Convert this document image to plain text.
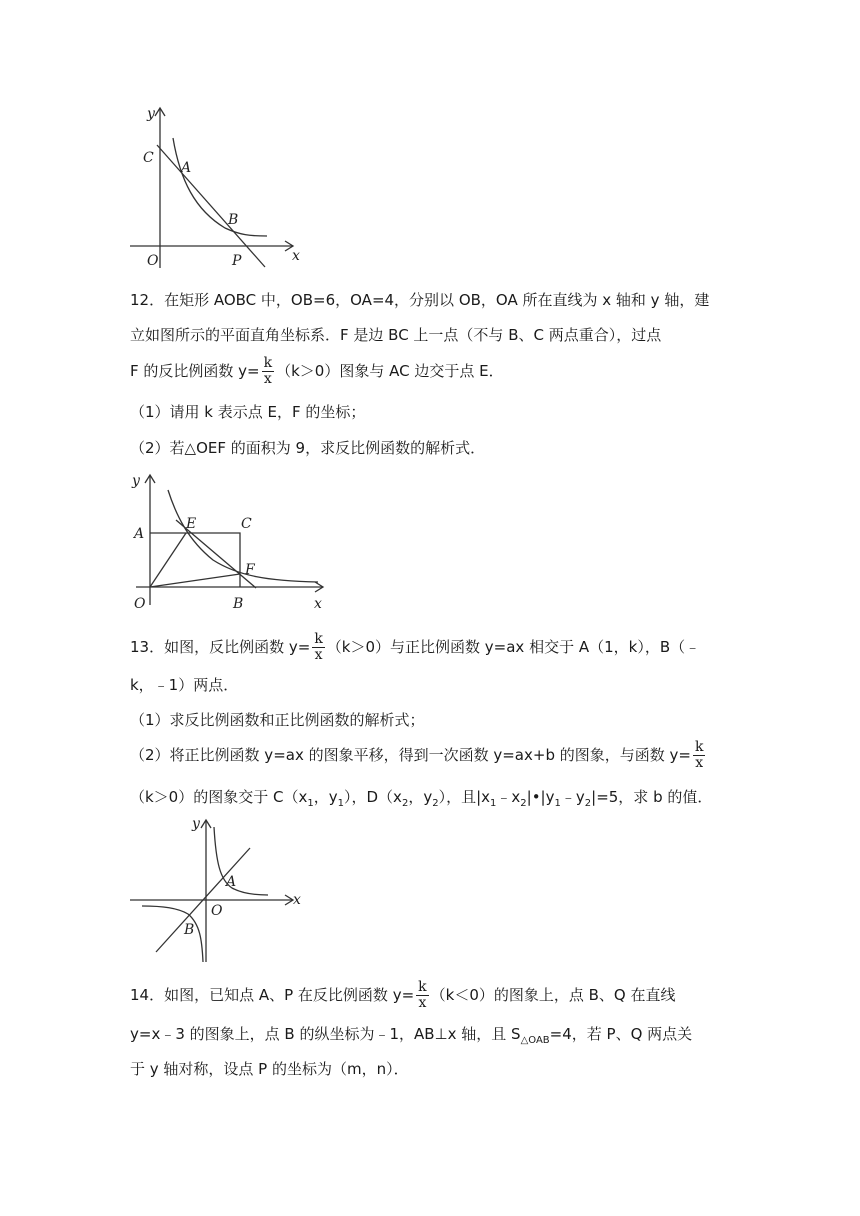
y
C
A
B
O	P	x
12．在矩形 AOBC 中，OB=6，OA=4，分别以 OB，OA 所在直线为 x 轴和 y 轴，建
立如图所示的平面直角坐标系．F 是边 BC 上一点（不与 B、C 两点重合），过点
F 的反比例函数 $y= \frac{k}{x} (k>0)$图象与 AC 边交于点 E．
（1）请用 k 表示点 E，F 的坐标；
（2）若△OEF 的面积为 9，求反比例函数的解析式．
y
A
E	C
F
O	B	x
13．如图，反比例函数 $y= \frac{k}{x} (k>0)$与正比例函数 y=ax 相交于 A（1，k），B（﹣
k，﹣1）两点．
（1）求反比例函数和正比例函数的解析式；
（2）将正比例函数 y=ax 的图象平移，得到一次函数 y=ax+b 的图象，与函数 $y= \frac{k}{x}$
（k＞0）的图象交于 $C(x_1$，$y_1$），$D(x_2$，$y_2$），且$|x_1﹣x_2|•|y_1﹣y_2|=5$，求 b 的值．
y
A
O
B
x
14．如图，已知点 A、P 在反比例函数 $y= \frac{k}{x} (k<0)$的图象上，点 B、Q 在直线
y=x﹣3 的图象上，点 B 的纵坐标为﹣1，AB⊥x 轴，且 $S_{\triangle OAB}=4$，若 P、Q 两点关
于 y 轴对称，设点 P 的坐标为（m，n）．
